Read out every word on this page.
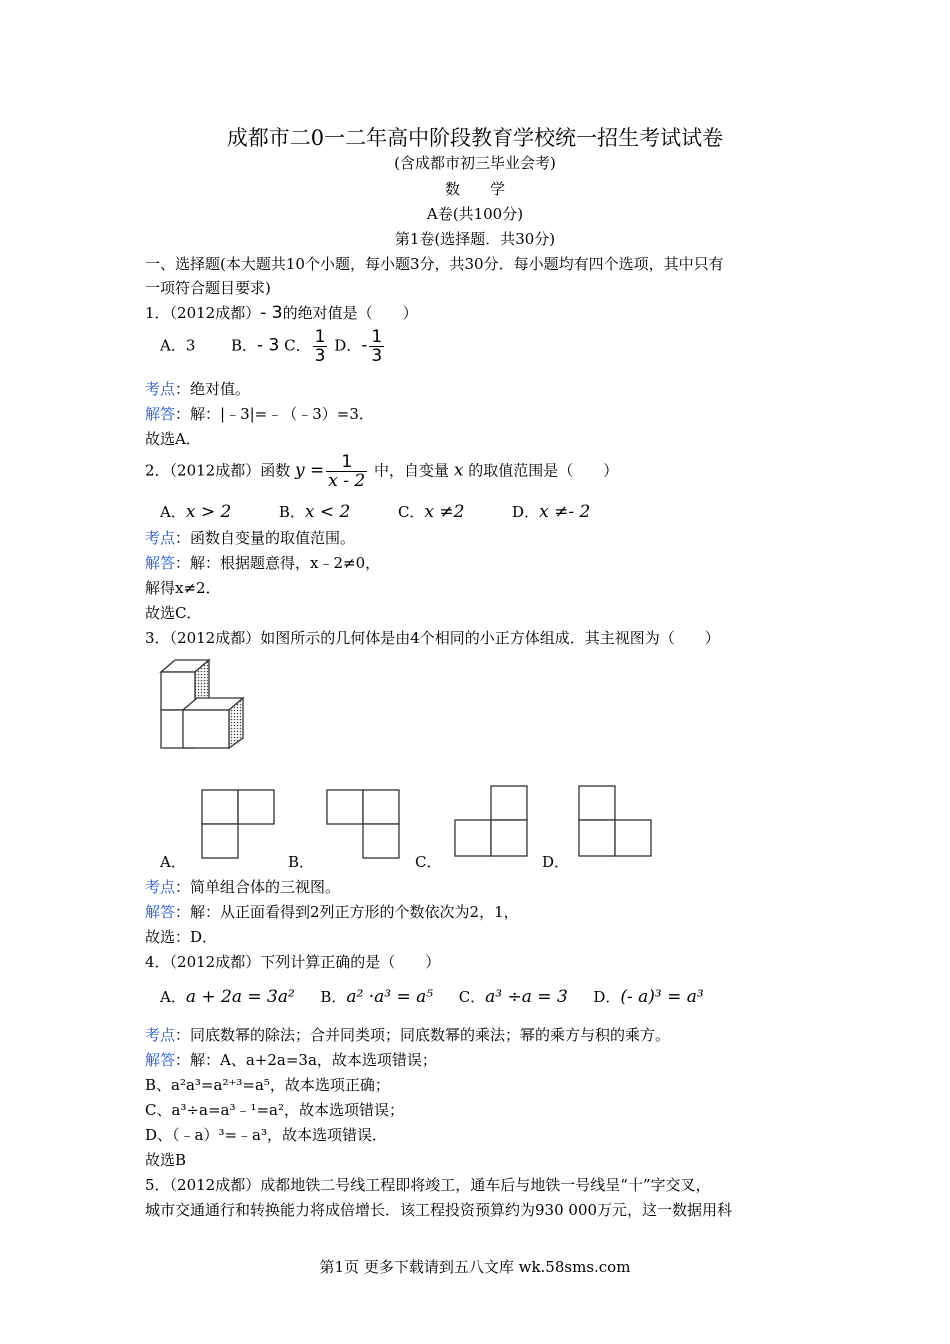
成都市二0一二年高中阶段教育学校统一招生考试试卷
(含成都市初三毕业会考)
数　　学
A卷(共100分)
第1卷(选择题．共30分)
一、选择题(本大题共10个小题，每小题3分，共30分．每小题均有四个选项，其中只有
一项符合题目要求)
1．（2012成都）- 3的绝对值是（　　）
A．3 B．- 3 C． $\frac{1}{3}$ D．- $\frac{1}{3}$
考点：绝对值。
解答：解：|﹣3|=﹣（﹣3）=3．
故选A．
2．（2012成都）函数 $y = \frac{1}{x - 2}$ 中，自变量 x 的取值范围是（　　）
A．x > 2	B．x < 2	C．x ≠2	D．x ≠- 2
考点：函数自变量的取值范围。
解答：解：根据题意得，x﹣2≠0，
解得x≠2．
故选C．
3．（2012成都）如图所示的几何体是由4个相同的小正方体组成．其主视图为（　　）
A．	B．	C．	D．
考点：简单组合体的三视图。
解答：解：从正面看得到2列正方形的个数依次为2，1，
故选：D．
4．（2012成都）下列计算正确的是（　　）
A．a + 2a = 3a² B．a² ·a³ = a⁵ C．a³ ÷a = 3 D．(- a)³ = a³
考点：同底数幂的除法；合并同类项；同底数幂的乘法；幂的乘方与积的乘方。
解答：解：A、a+2a=3a，故本选项错误；
B、a²a³=a²⁺³=a⁵，故本选项正确；
C、a³÷a=a³﹣¹=a²，故本选项错误；
D、（﹣a）³=﹣a³，故本选项错误．
故选B
5．（2012成都）成都地铁二号线工程即将竣工，通车后与地铁一号线呈“十”字交叉，
城市交通通行和转换能力将成倍增长．该工程投资预算约为930 000万元，这一数据用科
第1页 更多下载请到五八文库 wk.58sms.com
